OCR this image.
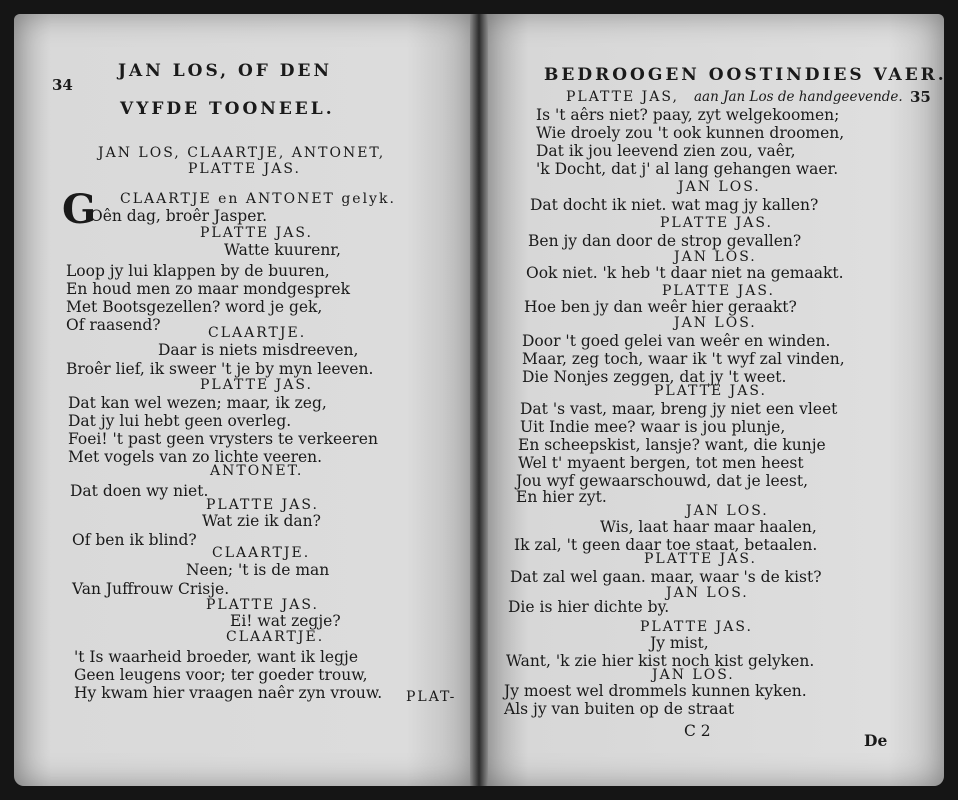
34
JAN LOS, OF DEN
VYFDE TOONEEL.
JAN LOS, CLAARTJE, ANTONET,
PLATTE JAS.
CLAARTJE en ANTONET gelyk.
G
Oên dag, broêr Jasper.
PLATTE JAS.
Watte kuurenr,
Loop jy lui klappen by de buuren,
En houd men zo maar mondgesprek
Met Bootsgezellen? word je gek,
Of raasend?	CLAARTJE.
Daar is niets misdreeven,
Broêr lief, ik sweer 't je by myn leeven.
PLATTE JAS.
Dat kan wel wezen; maar, ik zeg,
Dat jy lui hebt geen overleg.
Foei! 't past geen vrysters te verkeeren
Met vogels van zo lichte veeren.
ANTONET.
Dat doen wy niet.
PLATTE JAS.
Wat zie ik dan?
Of ben ik blind?
CLAARTJE.
Neen; 't is de man
Van Juffrouw Crisje.
PLATTE JAS.
Ei! wat zegje?
CLAARTJE.
't Is waarheid broeder, want ik legje
Geen leugens voor; ter goeder trouw,
Hy kwam hier vraagen naêr zyn vrouw. PLAT-
BEDROOGEN OOSTINDIES VAER.
35
PLATTE JAS, aan Jan Los de handgeevende.
Is 't aêrs niet? paay, zyt welgekoomen;
Wie droely zou 't ook kunnen droomen,
Dat ik jou leevend zien zou, vaêr,
'k Docht, dat j' al lang gehangen waer.
JAN LOS.
Dat docht ik niet. wat mag jy kallen?
PLATTE JAS.
Ben jy dan door de strop gevallen?
JAN LOS.
Ook niet. 'k heb 't daar niet na gemaakt.
PLATTE JAS.
Hoe ben jy dan weêr hier geraakt?
JAN LOS.
Door 't goed gelei van weêr en winden.
Maar, zeg toch, waar ik 't wyf zal vinden,
Die Nonjes zeggen, dat jy 't weet.
PLATTE JAS.
Dat 's vast, maar, breng jy niet een vleet
Uit Indie mee? waar is jou plunje,
En scheepskist, lansje? want, die kunje
Wel t' myaent bergen, tot men heest
Jou wyf gewaarschouwd, dat je leest,
En hier zyt.
JAN LOS.
Wis, laat haar maar haalen,
Ik zal, 't geen daar toe staat, betaalen.
PLATTE JAS.
Dat zal wel gaan. maar, waar 's de kist?
JAN LOS.
Die is hier dichte by.
PLATTE JAS.
Jy mist,
Want, 'k zie hier kist noch kist gelyken.
JAN LOS.
Jy moest wel drommels kunnen kyken.
Als jy van buiten op de straat
C 2	De
